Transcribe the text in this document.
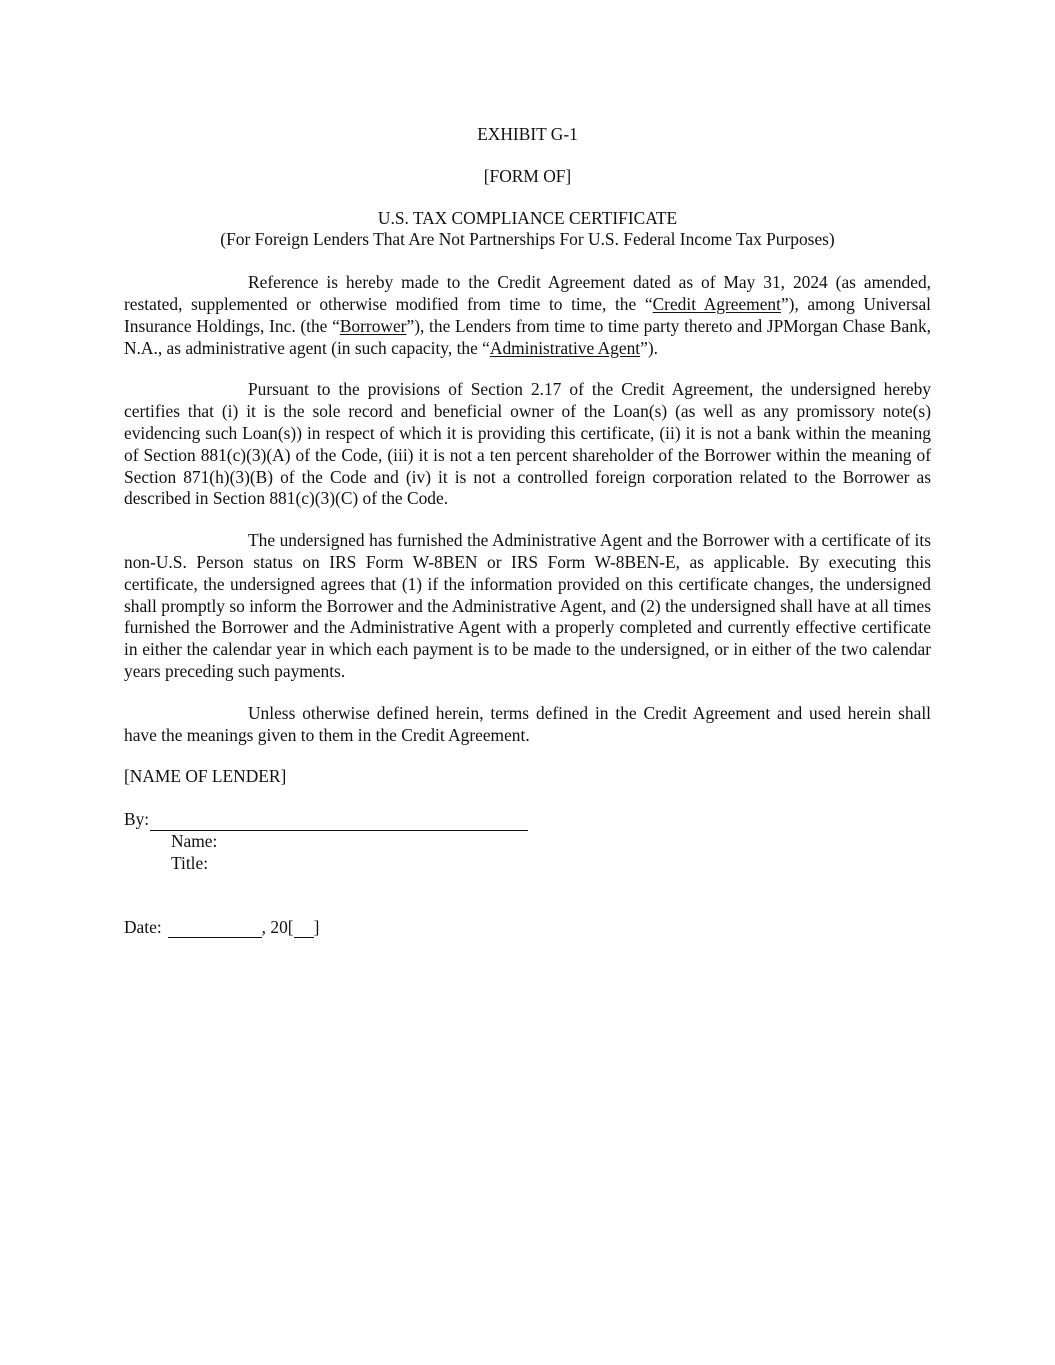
EXHIBIT G-1

[FORM OF]

U.S. TAX COMPLIANCE CERTIFICATE

(For Foreign Lenders That Are Not Partnerships For U.S. Federal Income Tax Purposes)

Reference is hereby made to the Credit Agreement dated as of May 31, 2024 (as amended, restated, supplemented or otherwise modified from time to time, the “Credit Agreement”), among Universal Insurance Holdings, Inc. (the “Borrower”), the Lenders from time to time party thereto and JPMorgan Chase Bank, N.A., as administrative agent (in such capacity, the “Administrative Agent”).

Pursuant to the provisions of Section 2.17 of the Credit Agreement, the undersigned hereby certifies that (i) it is the sole record and beneficial owner of the Loan(s) (as well as any promissory note(s) evidencing such Loan(s)) in respect of which it is providing this certificate, (ii) it is not a bank within the meaning of Section 881(c)(3)(A) of the Code, (iii) it is not a ten percent shareholder of the Borrower within the meaning of Section 871(h)(3)(B) of the Code and (iv) it is not a controlled foreign corporation related to the Borrower as described in Section 881(c)(3)(C) of the Code.

The undersigned has furnished the Administrative Agent and the Borrower with a certificate of its non-U.S. Person status on IRS Form W-8BEN or IRS Form W-8BEN-E, as applicable. By executing this certificate, the undersigned agrees that (1) if the information provided on this certificate changes, the undersigned shall promptly so inform the Borrower and the Administrative Agent, and (2) the undersigned shall have at all times furnished the Borrower and the Administrative Agent with a properly completed and currently effective certificate in either the calendar year in which each payment is to be made to the undersigned, or in either of the two calendar years preceding such payments.

Unless otherwise defined herein, terms defined in the Credit Agreement and used herein shall have the meanings given to them in the Credit Agreement.

[NAME OF LENDER]

By:
Name:
Title:
Date:	, 20[ ]
